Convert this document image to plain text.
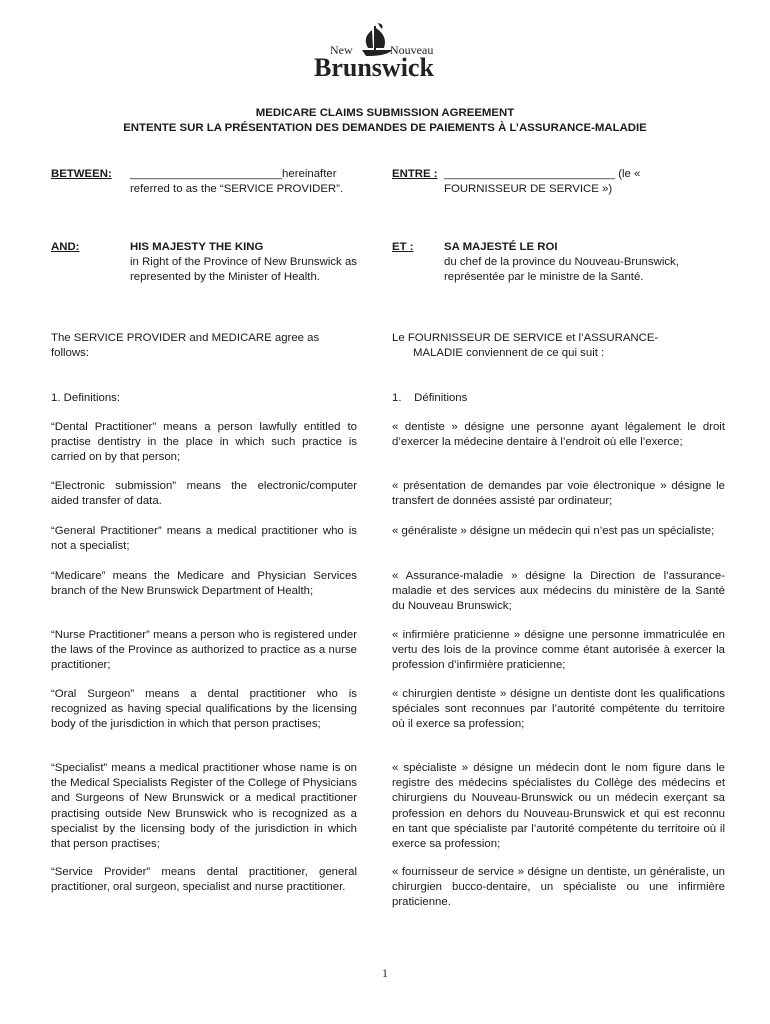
New	Nouveau
Brunswick
MEDICARE CLAIMS SUBMISSION AGREEMENT
ENTENTE SUR LA PRÉSENTATION DES DEMANDES DE PAIEMENTS À L’ASSURANCE-MALADIE
BETWEEN: ________________________hereinafter referred to as the “SERVICE PROVIDER”.
ENTRE : ___________________________ (le « FOURNISSEUR DE SERVICE »)
AND:	HIS MAJESTY THE KING
in Right of the Province of New Brunswick as represented by the Minister of Health.
ET :	SA MAJESTÉ LE ROI
du chef de la province du Nouveau-Brunswick, représentée par le ministre de la Santé.
The SERVICE PROVIDER and MEDICARE agree as follows:
Le FOURNISSEUR DE SERVICE et l’ASSURANCE-
MALADIE conviennent de ce qui suit :
1. Definitions:	1.    Définitions
“Dental Practitioner” means a person lawfully entitled to practise dentistry in the place in which such practice is carried on by that person;
« dentiste » désigne une personne ayant légalement le droit d’exercer la médecine dentaire à l’endroit où elle l’exerce;
“Electronic submission” means the electronic/computer aided transfer of data.
« présentation de demandes par voie électronique » désigne le transfert de données assisté par ordinateur;
“General Practitioner” means a medical practitioner who is not a specialist;
« généraliste » désigne un médecin qui n’est pas un spécialiste;
“Medicare” means the Medicare and Physician Services branch of the New Brunswick Department of Health;
« Assurance-maladie » désigne la Direction de l’assurance-maladie et des services aux médecins du ministère de la Santé du Nouveau Brunswick;
“Nurse Practitioner” means a person who is registered under the laws of the Province as authorized to practice as a nurse practitioner;
« infirmière praticienne » désigne une personne immatriculée en vertu des lois de la province comme étant autorisée à exercer la profession d’infirmière praticienne;
“Oral Surgeon” means a dental practitioner who is recognized as having special qualifications by the licensing body of the jurisdiction in which that person practises;
« chirurgien dentiste » désigne un dentiste dont les qualifications spéciales sont reconnues par l’autorité compétente du territoire où il exerce sa profession;
“Specialist” means a medical practitioner whose name is on the Medical Specialists Register of the College of Physicians and Surgeons of New Brunswick or a medical practitioner practising outside New Brunswick who is recognized as a specialist by the licensing body of the jurisdiction in which that person practises;
« spécialiste » désigne un médecin dont le nom figure dans le registre des médecins spécialistes du Collège des médecins et chirurgiens du Nouveau-Brunswick ou un médecin exerçant sa profession en dehors du Nouveau-Brunswick et qui est reconnu en tant que spécialiste par l’autorité compétente du territoire où il exerce sa profession;
“Service Provider” means dental practitioner, general practitioner, oral surgeon, specialist and nurse practitioner.
« fournisseur de service » désigne un dentiste, un généraliste, un chirurgien bucco-dentaire, un spécialiste ou une infirmière praticienne.
1
